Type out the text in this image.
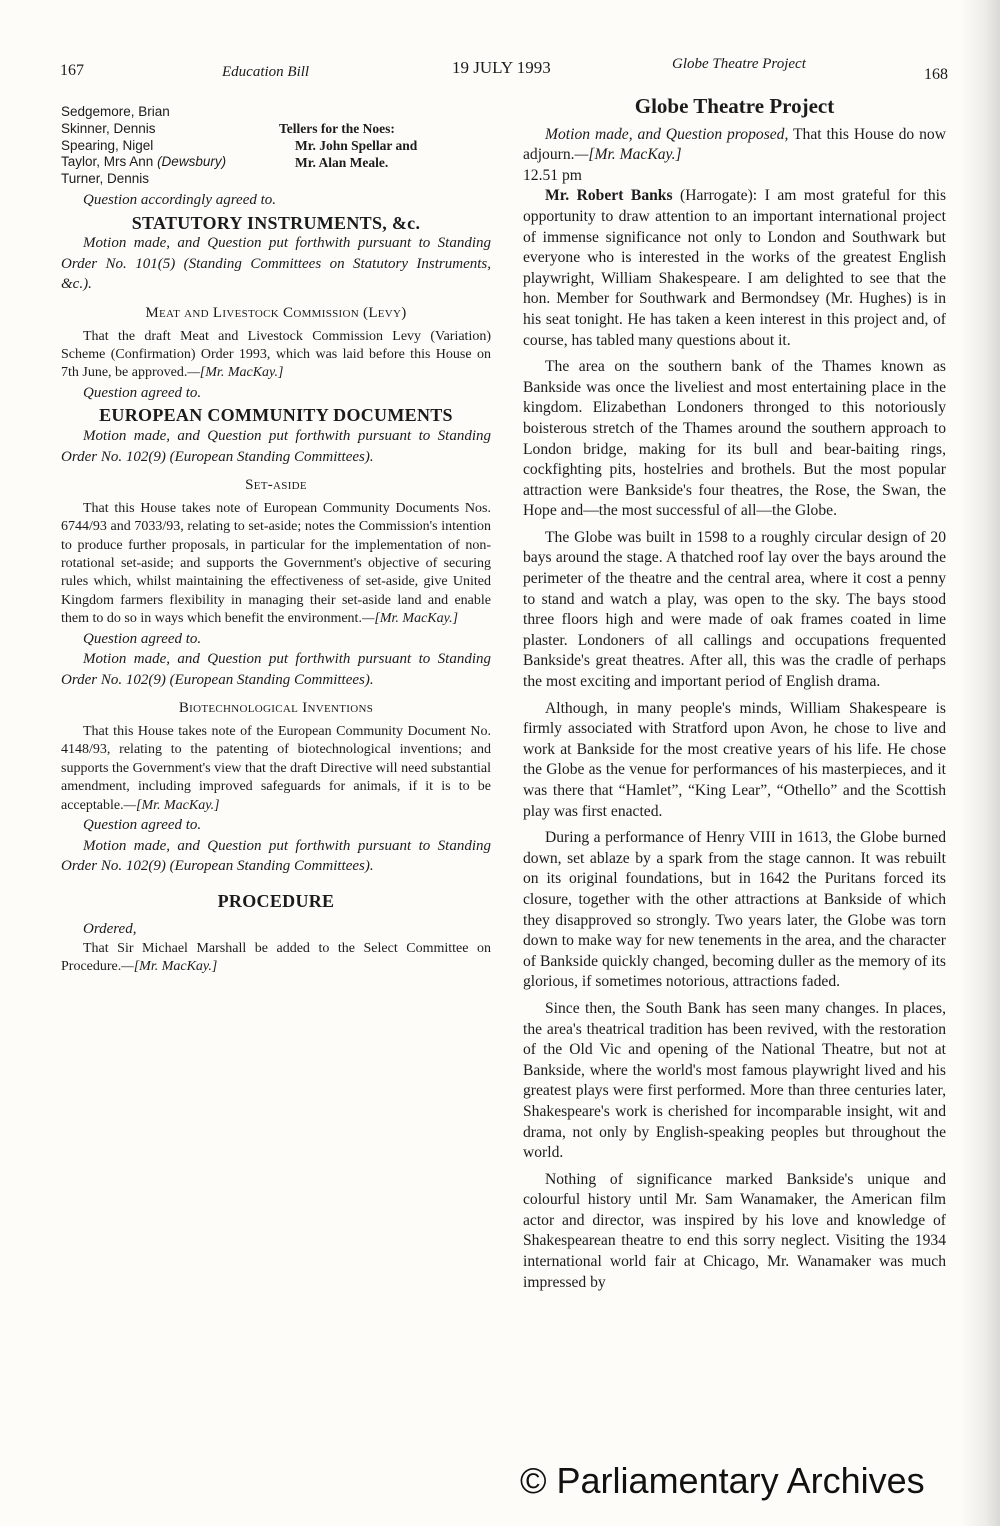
167	Education Bill	19 JULY 1993	Globe Theatre Project
168
Sedgemore, Brian
Skinner, Dennis
Spearing, Nigel
Taylor, Mrs Ann (Dewsbury)
Turner, Dennis
Tellers for the Noes:
Mr. John Spellar and
Mr. Alan Meale.

Question accordingly agreed to.

STATUTORY INSTRUMENTS, &c.

Motion made, and Question put forthwith pursuant to Standing Order No. 101(5) (Standing Committees on Statutory Instruments, &c.).

Meat and Livestock Commission (Levy)

That the draft Meat and Livestock Commission Levy (Variation) Scheme (Confirmation) Order 1993, which was laid before this House on 7th June, be approved.—[Mr. MacKay.]

Question agreed to.

EUROPEAN COMMUNITY DOCUMENTS

Motion made, and Question put forthwith pursuant to Standing Order No. 102(9) (European Standing Committees).

Set-aside

That this House takes note of European Community Documents Nos. 6744/93 and 7033/93, relating to set-aside; notes the Commission's intention to produce further proposals, in particular for the implementation of non-rotational set-aside; and supports the Government's objective of securing rules which, whilst maintaining the effectiveness of set-aside, give United Kingdom farmers flexibility in managing their set-aside land and enable them to do so in ways which benefit the environment.—[Mr. MacKay.]

Question agreed to.

Motion made, and Question put forthwith pursuant to Standing Order No. 102(9) (European Standing Committees).

Biotechnological Inventions

That this House takes note of the European Community Document No. 4148/93, relating to the patenting of biotechnological inventions; and supports the Government's view that the draft Directive will need substantial amendment, including improved safeguards for animals, if it is to be acceptable.—[Mr. MacKay.]

Question agreed to.

Motion made, and Question put forthwith pursuant to Standing Order No. 102(9) (European Standing Committees).

PROCEDURE

Ordered,

That Sir Michael Marshall be added to the Select Committee on Procedure.—[Mr. MacKay.]

Globe Theatre Project

Motion made, and Question proposed, That this House do now adjourn.—[Mr. MacKay.]

12.51 pm

Mr. Robert Banks (Harrogate): I am most grateful for this opportunity to draw attention to an important international project of immense significance not only to London and Southwark but everyone who is interested in the works of the greatest English playwright, William Shakespeare. I am delighted to see that the hon. Member for Southwark and Bermondsey (Mr. Hughes) is in his seat tonight. He has taken a keen interest in this project and, of course, has tabled many questions about it.

The area on the southern bank of the Thames known as Bankside was once the liveliest and most entertaining place in the kingdom. Elizabethan Londoners thronged to this notoriously boisterous stretch of the Thames around the southern approach to London bridge, making for its bull and bear-baiting rings, cockfighting pits, hostelries and brothels. But the most popular attraction were Bankside's four theatres, the Rose, the Swan, the Hope and—the most successful of all—the Globe.

The Globe was built in 1598 to a roughly circular design of 20 bays around the stage. A thatched roof lay over the bays around the perimeter of the theatre and the central area, where it cost a penny to stand and watch a play, was open to the sky. The bays stood three floors high and were made of oak frames coated in lime plaster. Londoners of all callings and occupations frequented Bankside's great theatres. After all, this was the cradle of perhaps the most exciting and important period of English drama.

Although, in many people's minds, William Shakespeare is firmly associated with Stratford upon Avon, he chose to live and work at Bankside for the most creative years of his life. He chose the Globe as the venue for performances of his masterpieces, and it was there that “Hamlet”, “King Lear”, “Othello” and the Scottish play was first enacted.

During a performance of Henry VIII in 1613, the Globe burned down, set ablaze by a spark from the stage cannon. It was rebuilt on its original foundations, but in 1642 the Puritans forced its closure, together with the other attractions at Bankside of which they disapproved so strongly. Two years later, the Globe was torn down to make way for new tenements in the area, and the character of Bankside quickly changed, becoming duller as the memory of its glorious, if sometimes notorious, attractions faded.

Since then, the South Bank has seen many changes. In places, the area's theatrical tradition has been revived, with the restoration of the Old Vic and opening of the National Theatre, but not at Bankside, where the world's most famous playwright lived and his greatest plays were first performed. More than three centuries later, Shakespeare's work is cherished for incomparable insight, wit and drama, not only by English-speaking peoples but throughout the world.

Nothing of significance marked Bankside's unique and colourful history until Mr. Sam Wanamaker, the American film actor and director, was inspired by his love and knowledge of Shakespearean theatre to end this sorry neglect. Visiting the 1934 international world fair at Chicago, Mr. Wanamaker was much impressed by

© Parliamentary Archives
